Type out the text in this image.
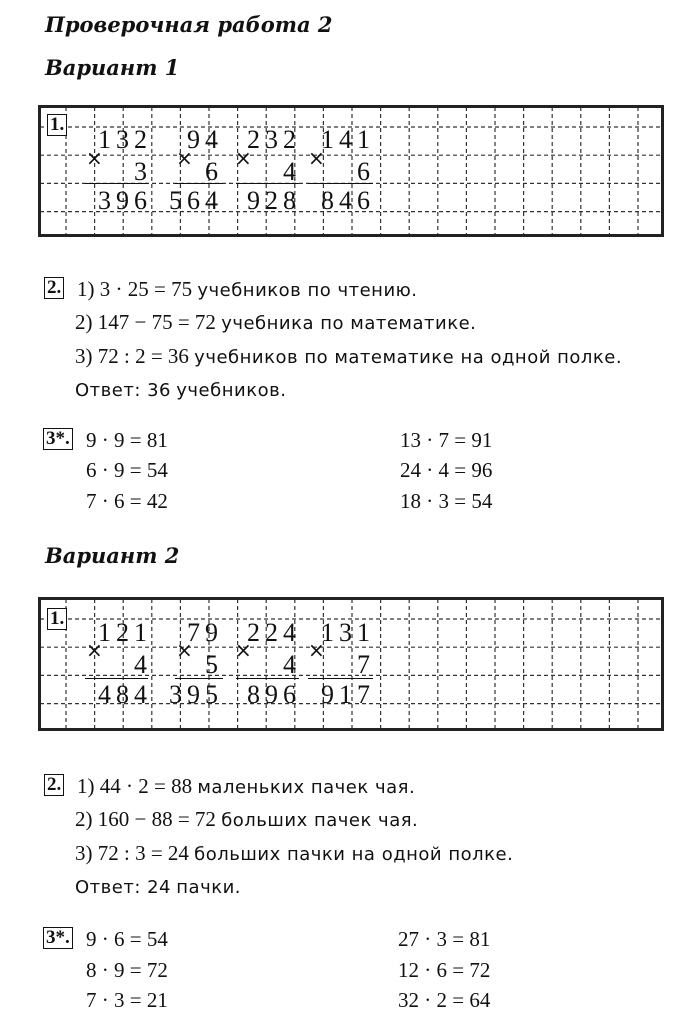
Проверочная работа 2
Вариант 1
1.
132
× 3
396
94
× 6
564
232
× 4
928
141
× 6
846
2. 1) 3 · 25 = 75 учебников по чтению.
2) 147 − 75 = 72 учебника по математике.
3) 72 : 2 = 36 учебников по математике на одной полке.
Ответ: 36 учебников.
3*. 9 · 9 = 81
6 · 9 = 54
7 · 6 = 42
13 · 7 = 91
24 · 4 = 96
18 · 3 = 54
Вариант 2
1. 121
× 4
484
79
× 5
395
224
× 4
896
131
× 7
917
2. 1) 44 · 2 = 88 маленьких пачек чая.
2) 160 − 88 = 72 больших пачек чая.
3) 72 : 3 = 24 больших пачки на одной полке.
Ответ: 24 пачки.
3*. 9 · 6 = 54
8 · 9 = 72
7 · 3 = 21
27 · 3 = 81
12 · 6 = 72
32 · 2 = 64
